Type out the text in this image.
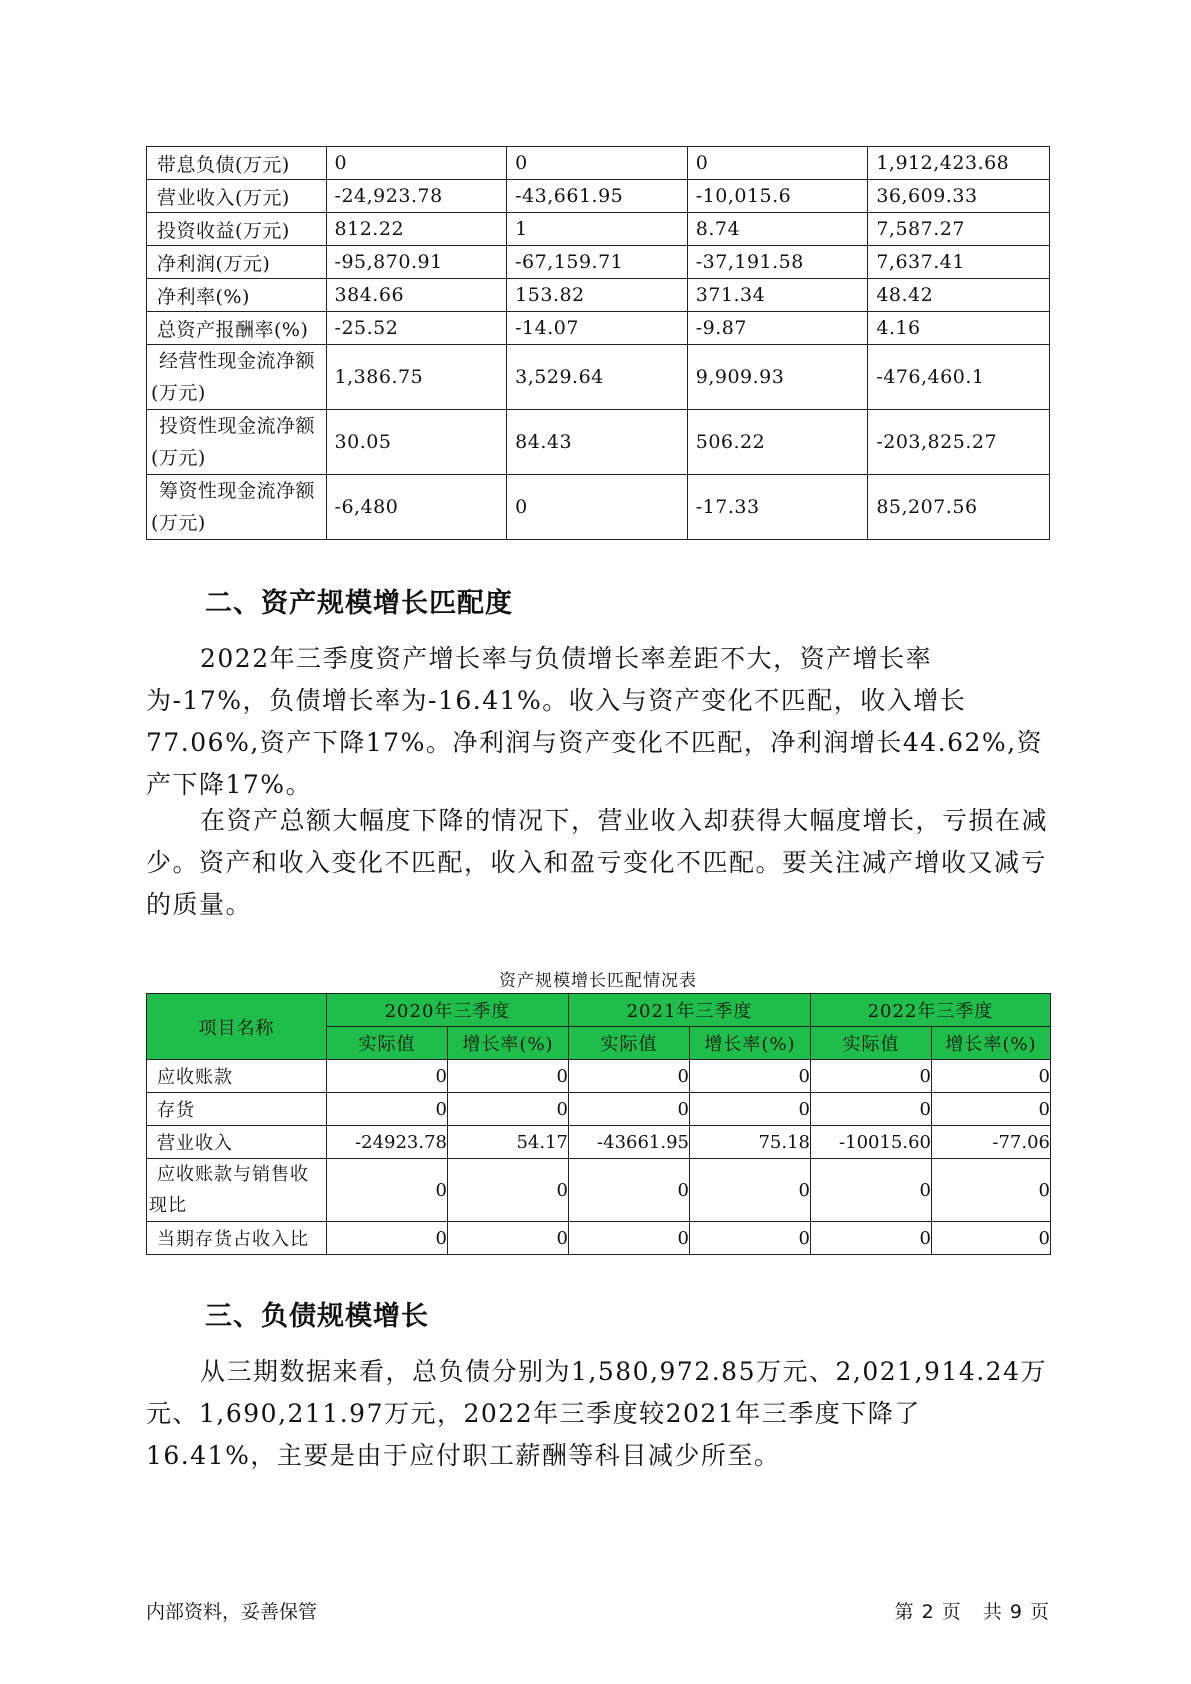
带息负债(万元)	0	0	0	1,912,423.68
营业收入(万元)	-24,923.78	-43,661.95	-10,015.6	36,609.33
投资收益(万元)	812.22	1	8.74	7,587.27
净利润(万元)	-95,870.91	-67,159.71	-37,191.58	7,637.41
净利率(%)	384.66	153.82	371.34	48.42
总资产报酬率(%)	-25.52	-14.07	-9.87	4.16

经营性现金流净额
(万元)	1,386.75	3,529.64	9,909.93	-476,460.1

投资性现金流净额
(万元)	30.05	84.43	506.22	-203,825.27

筹资性现金流净额
(万元)	-6,480	0	-17.33	85,207.56
二、资产规模增长匹配度

2022年三季度资产增长率与负债增长率差距不大，资产增长率为-17%，负债增长率为-16.41%。收入与资产变化不匹配，收入增长77.06%,资产下降17%。净利润与资产变化不匹配，净利润增长44.62%,资产下降17%。

在资产总额大幅度下降的情况下，营业收入却获得大幅度增长，亏损在减少。资产和收入变化不匹配，收入和盈亏变化不匹配。要关注减产增收又减亏的质量。

资产规模增长匹配情况表
项目名称	2020年三季度		2021年三季度		2022年三季度	
	实际值	增长率(%)	实际值	增长率(%)	实际值	增长率(%)
应收账款	0	0	0	0	0	0
存货	0	0	0	0	0	0
营业收入	-24923.78	54.17	-43661.95	75.18	-10015.60	-77.06

应收账款与销售收
现比	0	0	0	0	0	0
当期存货占收入比	0	0	0	0	0	0
三、负债规模增长

从三期数据来看，总负债分别为1,580,972.85万元、2,021,914.24万元、1,690,211.97万元，2022年三季度较2021年三季度下降了16.41%，主要是由于应付职工薪酬等科目减少所至。

内部资料，妥善保管	第 2 页   共 9 页
